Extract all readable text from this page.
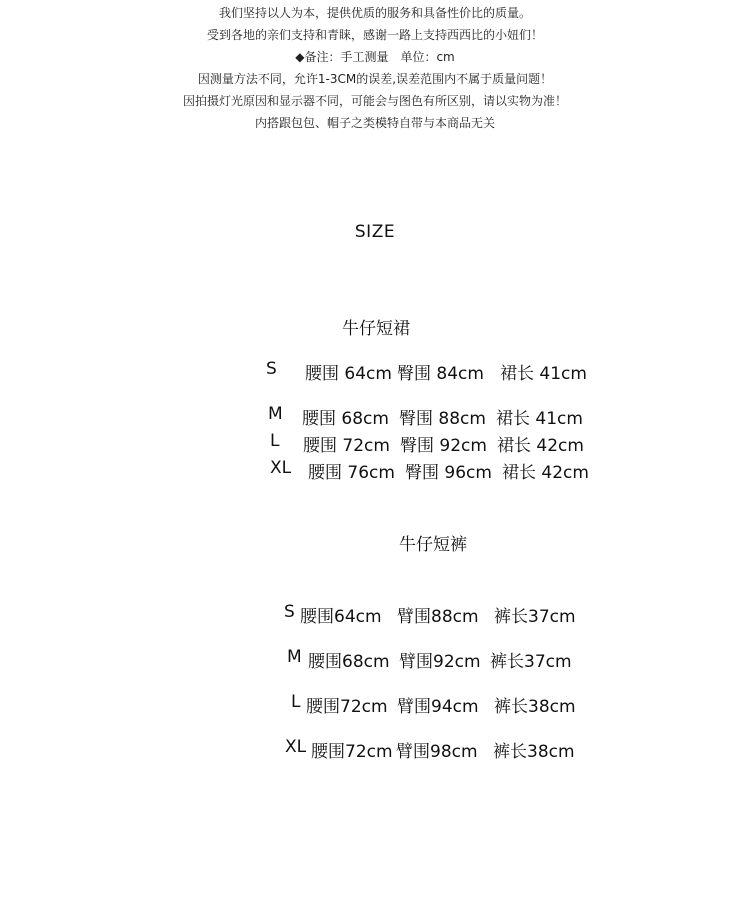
我们坚持以人为本，提供优质的服务和具备性价比的质量。
受到各地的亲们支持和青睐，感谢一路上支持西西比的小妞们！
◆备注：手工测量　单位：cm
因测量方法不同，允许1-3CM的误差,误差范围内不属于质量问题！
因拍摄灯光原因和显示器不同，可能会与图色有所区别，请以实物为准！
内搭跟包包、帽子之类模特自带与本商品无关
SIZE
牛仔短裙
S 腰围 64cm 臀围 84cm 裙长 41cm
M 腰围 68cm 臀围 88cm 裙长 41cm
L 腰围 72cm 臀围 92cm 裙长 42cm
XL 腰围 76cm 臀围 96cm 裙长 42cm
牛仔短裤
S 腰围64cm 臂围88cm 裤长37cm
M 腰围68cm 臂围92cm 裤长37cm
L 腰围72cm 臂围94cm 裤长38cm
XL 腰围72cm 臂围98cm 裤长38cm
